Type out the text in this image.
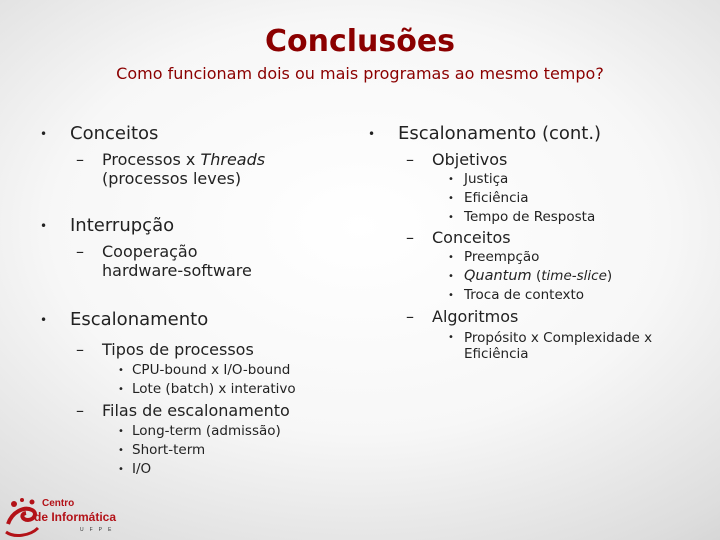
Conclusões
Como funcionam dois ou mais programas ao mesmo tempo?
• Conceitos
– Processos x Threads
(processos leves)
• Interrupção
– Cooperação hardware-software
• Escalonamento
– Tipos de processos
• CPU-bound x I/O-bound
• Lote (batch) x interativo
– Filas de escalonamento
• Long-term (admissão)
• Short-term
• I/O
• Escalonamento (cont.)
– Objetivos
• Justiça
• Eficiência
• Tempo de Resposta
– Conceitos
• Preempção
• Quantum (time-slice)
• Troca de contexto
– Algoritmos
• Propósito x Complexidade x Eficiência
Centro
de Informática
UFPE
